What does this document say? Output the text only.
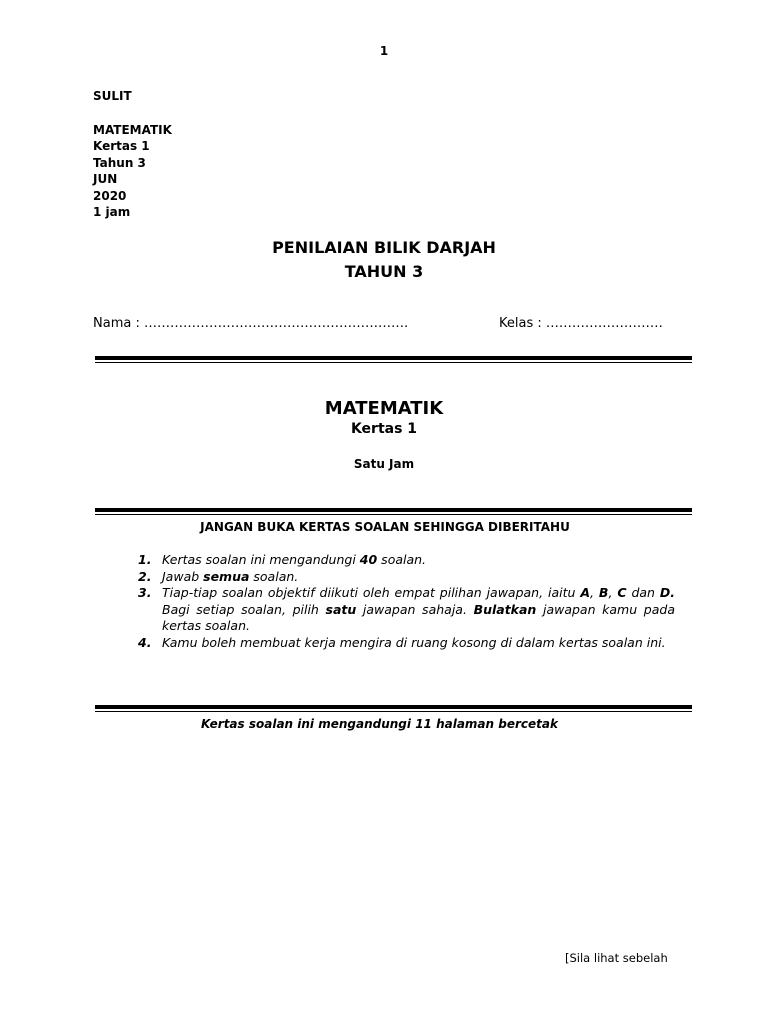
1
SULIT
MATEMATIK
Kertas 1
Tahun 3
JUN
2020
1 jam
PENILAIAN BILIK DARJAH
TAHUN 3
Nama : …………………………………………………….	Kelas : ………………………
MATEMATIK
Kertas 1
Satu Jam
JANGAN BUKA KERTAS SOALAN SEHINGGA DIBERITAHU
1. Kertas soalan ini mengandungi 40 soalan.
2. Jawab semua soalan.
3. Tiap-tiap soalan objektif diikuti oleh empat pilihan jawapan, iaitu A, B, C dan D. Bagi setiap soalan, pilih satu jawapan sahaja. Bulatkan jawapan kamu pada kertas soalan.
4. Kamu boleh membuat kerja mengira di ruang kosong di dalam kertas soalan ini.
Kertas soalan ini mengandungi 11 halaman bercetak
[Sila lihat sebelah
